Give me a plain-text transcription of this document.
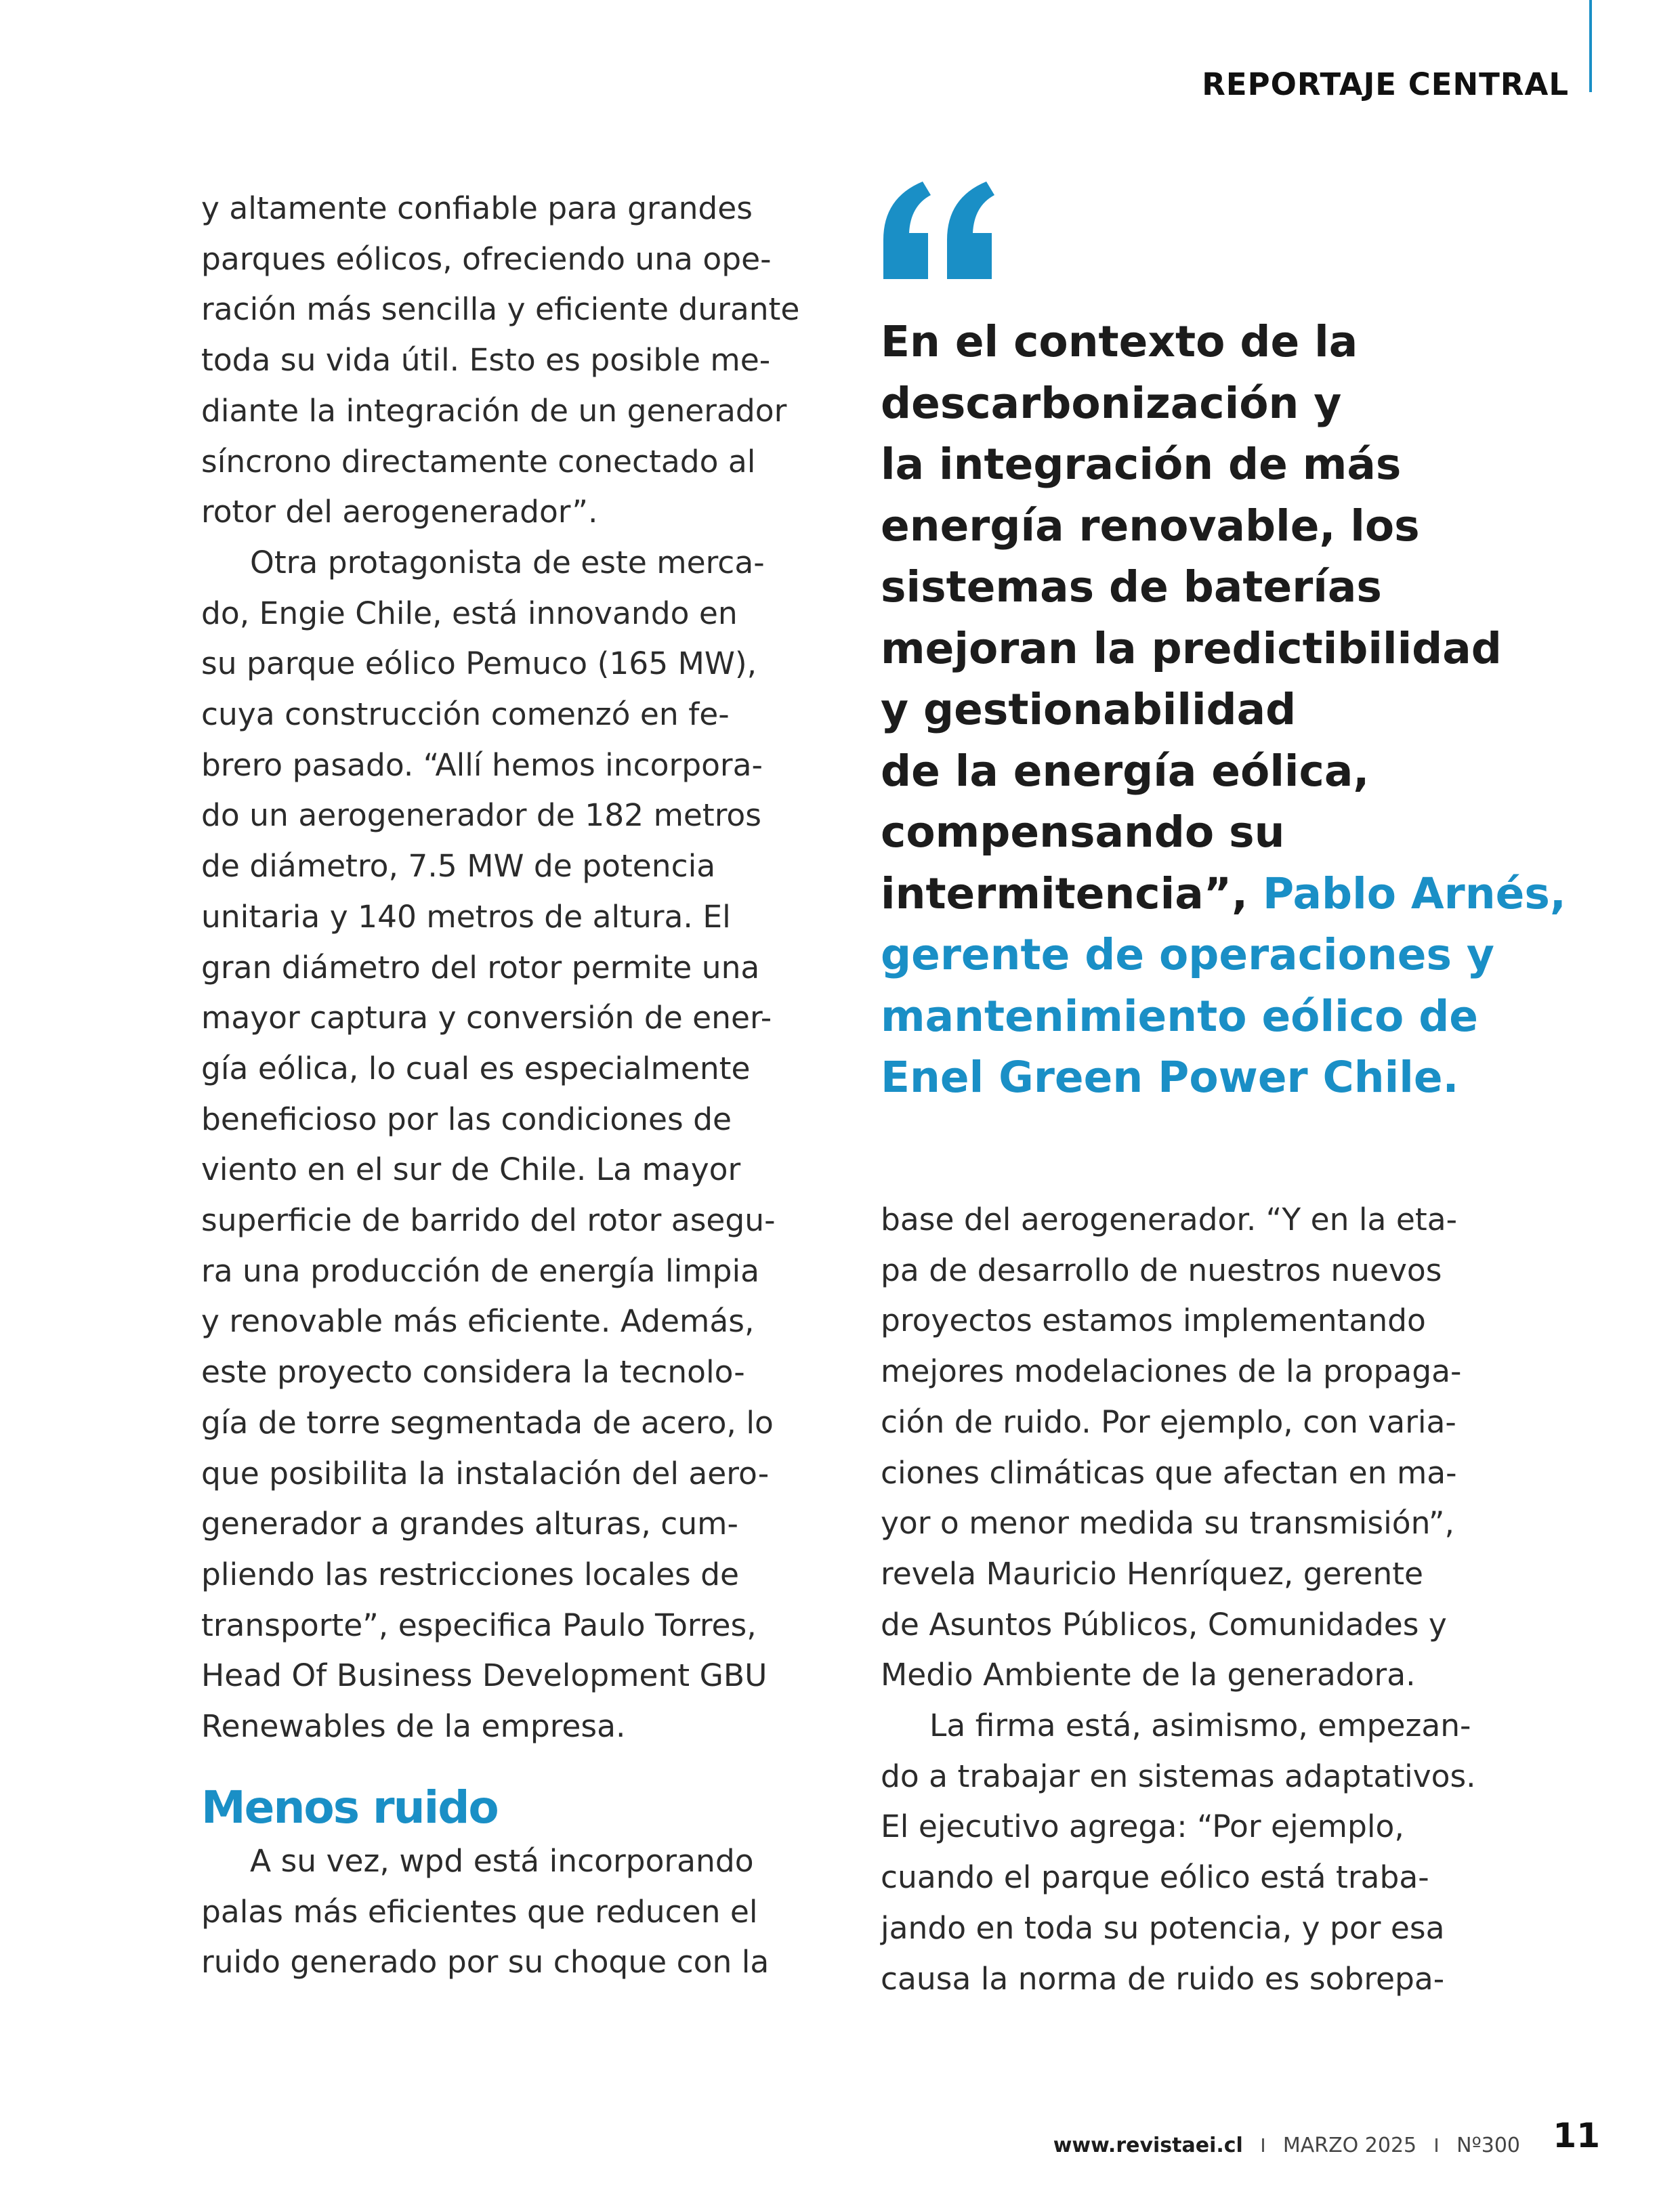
REPORTAJE CENTRAL

y altamente confiable para grandes

parques eólicos, ofreciendo una ope-

ración más sencilla y eficiente durante

toda su vida útil. Esto es posible me-

diante la integración de un generador

síncrono directamente conectado al

rotor del aerogenerador”.

Otra protagonista de este merca-

do, Engie Chile, está innovando en

su parque eólico Pemuco (165 MW),

cuya construcción comenzó en fe-

brero pasado. “Allí hemos incorpora-

do un aerogenerador de 182 metros

de diámetro, 7.5 MW de potencia

unitaria y 140 metros de altura. El

gran diámetro del rotor permite una

mayor captura y conversión de ener-

gía eólica, lo cual es especialmente

beneficioso por las condiciones de

viento en el sur de Chile. La mayor

superficie de barrido del rotor asegu-

ra una producción de energía limpia

y renovable más eficiente. Además,

este proyecto considera la tecnolo-

gía de torre segmentada de acero, lo

que posibilita la instalación del aero-

generador a grandes alturas, cum-

pliendo las restricciones locales de

transporte”, especifica Paulo Torres,

Head Of Business Development GBU

Renewables de la empresa.

Menos ruido

A su vez, wpd está incorporando

palas más eficientes que reducen el

ruido generado por su choque con la

En el contexto de la
descarbonización y
la integración de más
energía renovable, los
sistemas de baterías
mejoran la predictibilidad
y gestionabilidad
de la energía eólica,
compensando su
intermitencia”, Pablo Arnés,
gerente de operaciones y
mantenimiento eólico de
Enel Green Power Chile.

base del aerogenerador. “Y en la eta-

pa de desarrollo de nuestros nuevos

proyectos estamos implementando

mejores modelaciones de la propaga-

ción de ruido. Por ejemplo, con varia-

ciones climáticas que afectan en ma-

yor o menor medida su transmisión”,

revela Mauricio Henríquez, gerente

de Asuntos Públicos, Comunidades y

Medio Ambiente de la generadora.

La firma está, asimismo, empezan-

do a trabajar en sistemas adaptativos.

El ejecutivo agrega: “Por ejemplo,

cuando el parque eólico está traba-

jando en toda su potencia, y por esa

causa la norma de ruido es sobrepa-

www.revistaei.cl MARZO 2025 Nº300 11
